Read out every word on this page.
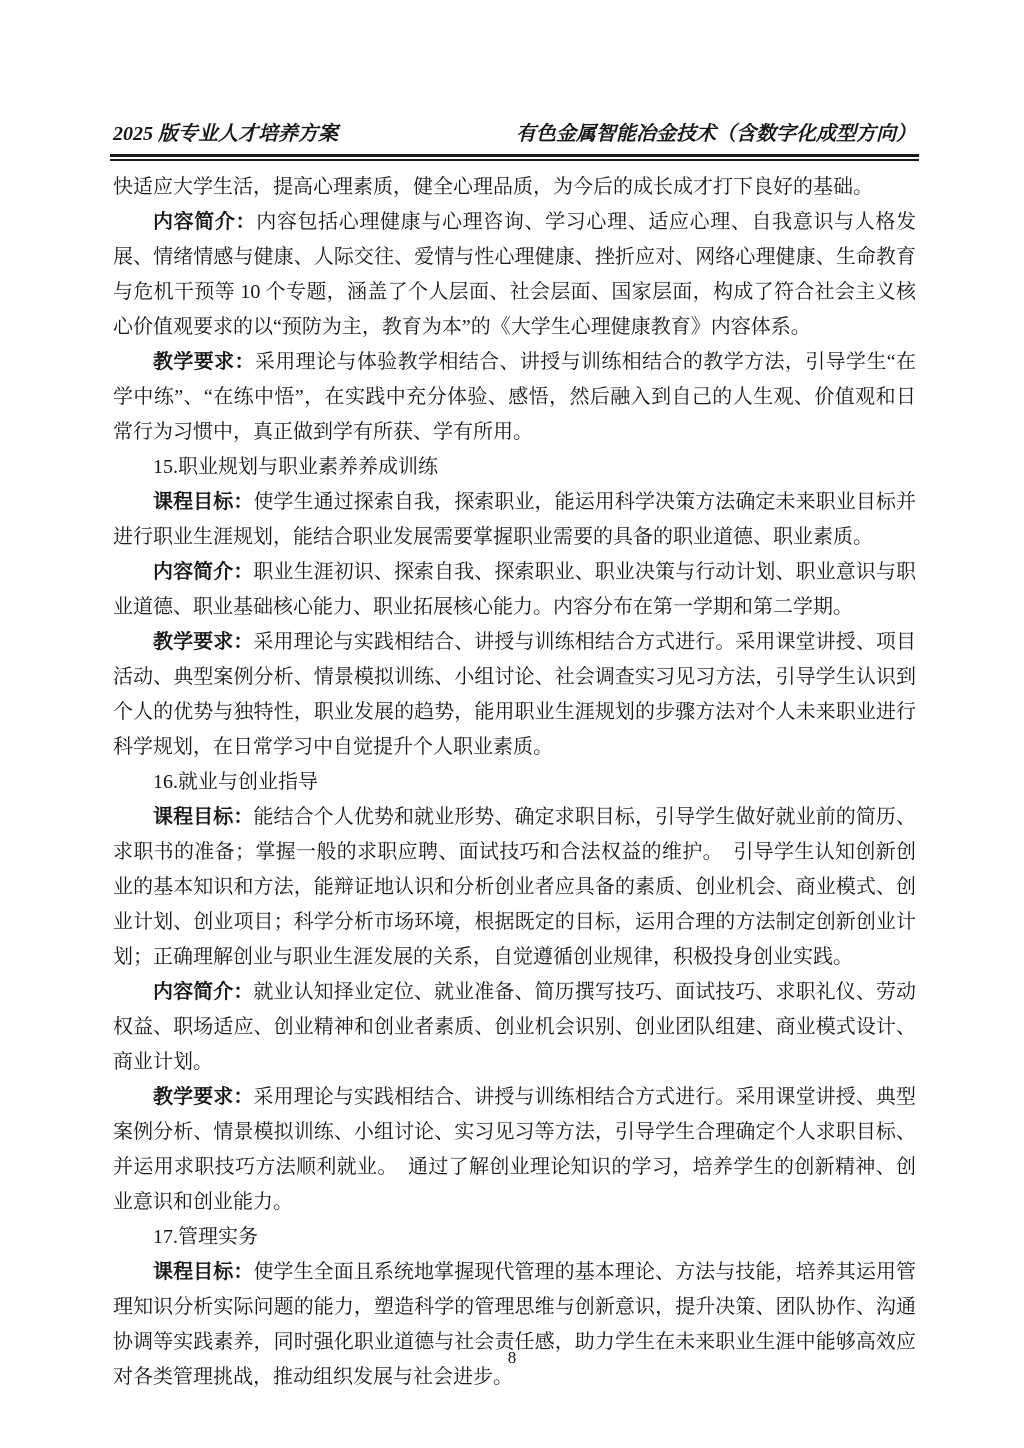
2025 版专业人才培养方案	有色金属智能冶金技术（含数字化成型方向）

快适应大学生活，提高心理素质，健全心理品质，为今后的成长成才打下良好的基础。

内容简介：内容包括心理健康与心理咨询、学习心理、适应心理、自我意识与人格发展、情绪情感与健康、人际交往、爱情与性心理健康、挫折应对、网络心理健康、生命教育与危机干预等 10 个专题，涵盖了个人层面、社会层面、国家层面，构成了符合社会主义核心价值观要求的以“预防为主，教育为本”的《大学生心理健康教育》内容体系。

教学要求：采用理论与体验教学相结合、讲授与训练相结合的教学方法，引导学生“在学中练”、“在练中悟”，在实践中充分体验、感悟，然后融入到自己的人生观、价值观和日常行为习惯中，真正做到学有所获、学有所用。

15.职业规划与职业素养养成训练

课程目标：使学生通过探索自我，探索职业，能运用科学决策方法确定未来职业目标并进行职业生涯规划，能结合职业发展需要掌握职业需要的具备的职业道德、职业素质。

内容简介：职业生涯初识、探索自我、探索职业、职业决策与行动计划、职业意识与职业道德、职业基础核心能力、职业拓展核心能力。内容分布在第一学期和第二学期。

教学要求：采用理论与实践相结合、讲授与训练相结合方式进行。采用课堂讲授、项目活动、典型案例分析、情景模拟训练、小组讨论、社会调查实习见习方法，引导学生认识到个人的优势与独特性，职业发展的趋势，能用职业生涯规划的步骤方法对个人未来职业进行科学规划，在日常学习中自觉提升个人职业素质。

16.就业与创业指导

课程目标：能结合个人优势和就业形势、确定求职目标，引导学生做好就业前的简历、求职书的准备；掌握一般的求职应聘、面试技巧和合法权益的维护。　引导学生认知创新创业的基本知识和方法，能辩证地认识和分析创业者应具备的素质、创业机会、商业模式、创业计划、创业项目；科学分析市场环境，根据既定的目标，运用合理的方法制定创新创业计划；正确理解创业与职业生涯发展的关系，自觉遵循创业规律，积极投身创业实践。

内容简介：就业认知择业定位、就业准备、简历撰写技巧、面试技巧、求职礼仪、劳动权益、职场适应、创业精神和创业者素质、创业机会识别、创业团队组建、商业模式设计、商业计划。

教学要求：采用理论与实践相结合、讲授与训练相结合方式进行。采用课堂讲授、典型案例分析、情景模拟训练、小组讨论、实习见习等方法，引导学生合理确定个人求职目标、并运用求职技巧方法顺利就业。　通过了解创业理论知识的学习，培养学生的创新精神、创业意识和创业能力。

17.管理实务

课程目标：使学生全面且系统地掌握现代管理的基本理论、方法与技能，培养其运用管理知识分析实际问题的能力，塑造科学的管理思维与创新意识，提升决策、团队协作、沟通协调等实践素养，同时强化职业道德与社会责任感，助力学生在未来职业生涯中能够高效应对各类管理挑战，推动组织发展与社会进步。

8
